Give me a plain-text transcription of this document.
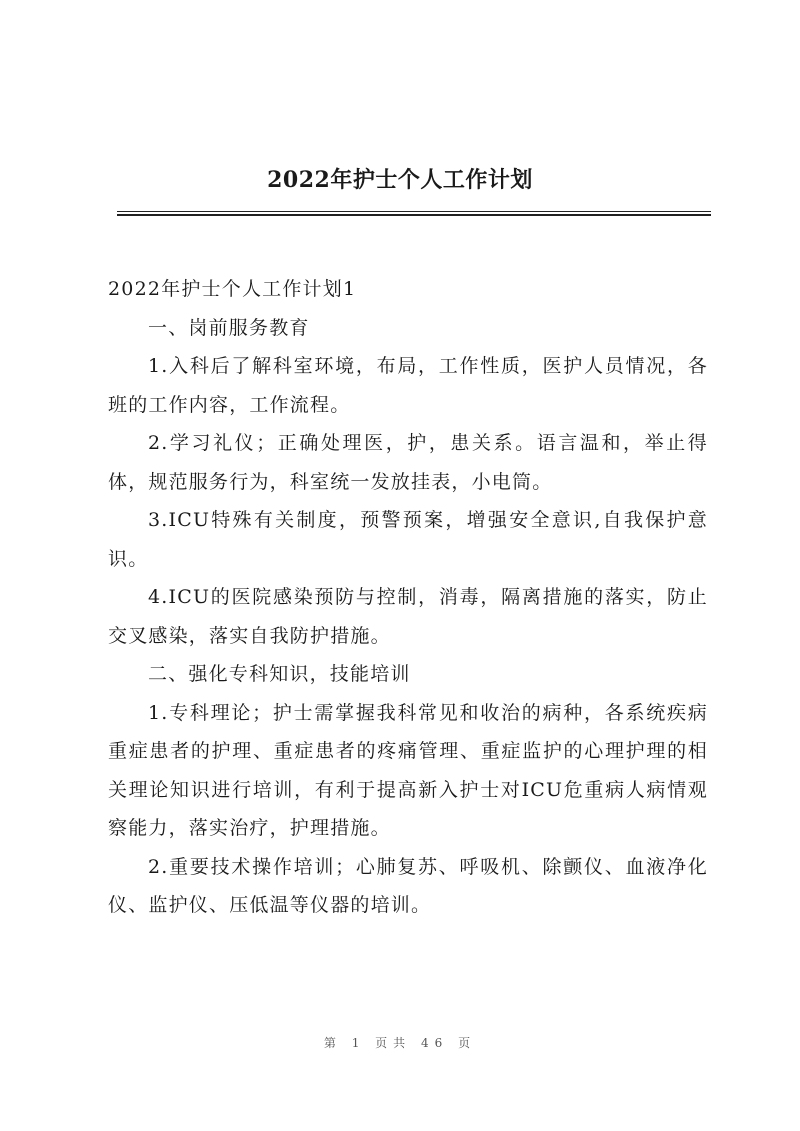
2022年护士个人工作计划

2022年护士个人工作计划1

一、岗前服务教育

1.入科后了解科室环境，布局，工作性质，医护人员情况，各班的工作内容，工作流程。

2.学习礼仪；正确处理医，护，患关系。语言温和，举止得体，规范服务行为，科室统一发放挂表，小电筒。

3.ICU特殊有关制度，预警预案，增强安全意识,自我保护意识。

4.ICU的医院感染预防与控制，消毒，隔离措施的落实，防止交叉感染，落实自我防护措施。

二、强化专科知识，技能培训

1.专科理论；护士需掌握我科常见和收治的病种，各系统疾病重症患者的护理、重症患者的疼痛管理、重症监护的心理护理的相关理论知识进行培训，有利于提高新入护士对ICU危重病人病情观察能力，落实治疗，护理措施。

2.重要技术操作培训；心肺复苏、呼吸机、除颤仪、血液净化仪、监护仪、压低温等仪器的培训。

第 1 页共 46 页
